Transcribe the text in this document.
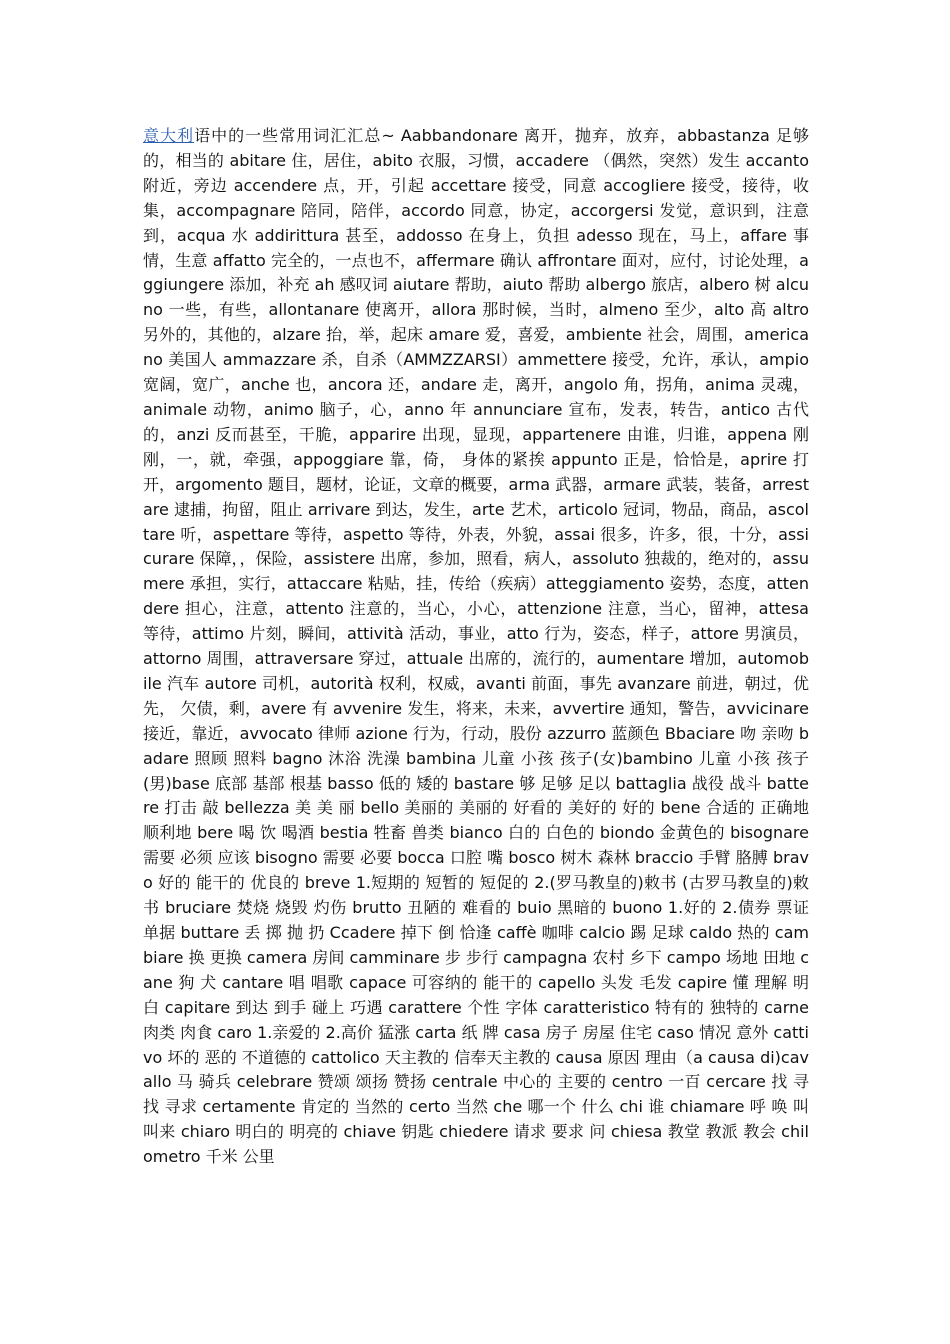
意大利语中的一些常用词汇汇总~ Aabbandonare 离开，抛弃，放弃，abbastanza 足够的，相当的 abitare 住，居住，abito 衣服，习惯，accadere （偶然，突然）发生 accanto 附近，旁边 accendere 点，开，引起 accettare 接受，同意 accogliere 接受，接待，收集，accompagnare 陪同，陪伴，accordo 同意，协定，accorgersi 发觉，意识到，注意到，acqua 水 addirittura 甚至，addosso 在身上，负担 adesso 现在，马上，affare 事情，生意 affatto 完全的，一点也不，affermare 确认 affrontare 面对，应付，讨论处理，aggiungere 添加，补充 ah 感叹词 aiutare 帮助，aiuto 帮助 albergo 旅店，albero 树 alcuno 一些，有些，allontanare 使离开，allora 那时候，当时，almeno 至少，alto 高 altro 另外的，其他的，alzare 抬，举，起床 amare 爱，喜爱，ambiente 社会，周围，americano 美国人 ammazzare 杀，自杀（AMMZZARSI）ammettere 接受，允许，承认，ampio 宽阔，宽广，anche 也，ancora 还，andare 走，离开，angolo 角，拐角，anima 灵魂，animale 动物，animo 脑子，心，anno 年 annunciare 宣布，发表，转告，antico 古代的，anzi 反而甚至，干脆，apparire 出现，显现，appartenere 由谁，归谁，appena 刚刚，一，就，牵强，appoggiare 靠，倚， 身体的紧挨 appunto 正是，恰恰是，aprire 打开，argomento 题目，题材，论证，文章的概要，arma 武器，armare 武装，装备，arrestare 逮捕，拘留，阻止 arrivare 到达，发生，arte 艺术，articolo 冠词，物品，商品，ascoltare 听，aspettare 等待，aspetto 等待，外表，外貌，assai 很多，许多，很，十分，assicurare 保障，，保险，assistere 出席，参加，照看，病人，assoluto 独裁的，绝对的，assumere 承担，实行，attaccare 粘贴，挂，传给（疾病）atteggiamento 姿势，态度，attendere 担心，注意，attento 注意的，当心，小心，attenzione 注意，当心，留神，attesa 等待，attimo 片刻，瞬间，attività 活动，事业，atto 行为，姿态，样子，attore 男演员，attorno 周围，attraversare 穿过，attuale 出席的，流行的，aumentare 增加，automobile 汽车 autore 司机，autorità 权利，权威，avanti 前面，事先 avanzare 前进，朝过，优先， 欠债，剩，avere 有 avvenire 发生，将来，未来，avvertire 通知，警告，avvicinare 接近，靠近，avvocato 律师 azione 行为，行动，股份 azzurro 蓝颜色 Bbaciare 吻 亲吻 badare 照顾 照料 bagno 沐浴 洗澡 bambina 儿童 小孩 孩子(女)bambino 儿童 小孩 孩子(男)base 底部 基部 根基 basso 低的 矮的 bastare 够 足够 足以 battaglia 战役 战斗 battere 打击 敲 bellezza 美 美 丽 bello 美丽的 美丽的 好看的 美好的 好的 bene 合适的 正确地 顺利地 bere 喝 饮 喝酒 bestia 牲畜 兽类 bianco 白的 白色的 biondo 金黄色的 bisognare 需要 必须 应该 bisogno 需要 必要 bocca 口腔 嘴 bosco 树木 森林 braccio 手臂 胳膊 bravo 好的 能干的 优良的 breve 1.短期的 短暂的 短促的 2.(罗马教皇的)敕书 (古罗马教皇的)敕书 bruciare 焚烧 烧毁 灼伤 brutto 丑陋的 难看的 buio 黑暗的 buono 1.好的 2.债券 票证 单据 buttare 丢 掷 抛 扔 Ccadere 掉下 倒 恰逢 caffè 咖啡 calcio 踢 足球 caldo 热的 cambiare 换 更换 camera 房间 camminare 步 步行 campagna 农村 乡下 campo 场地 田地 cane 狗 犬 cantare 唱 唱歌 capace 可容纳的 能干的 capello 头发 毛发 capire 懂 理解 明白 capitare 到达 到手 碰上 巧遇 carattere 个性 字体 caratteristico 特有的 独特的 carne 肉类 肉食 caro 1.亲爱的 2.高价 猛涨 carta 纸 牌 casa 房子 房屋 住宅 caso 情况 意外 cattivo 坏的 恶的 不道德的 cattolico 天主教的 信奉天主教的 causa 原因 理由（a causa di)cavallo 马 骑兵 celebrare 赞颂 颂扬 赞扬 centrale 中心的 主要的 centro 一百 cercare 找 寻找 寻求 certamente 肯定的 当然的 certo 当然 che 哪一个 什么 chi 谁 chiamare 呼 唤 叫 叫来 chiaro 明白的 明亮的 chiave 钥匙 chiedere 请求 要求 问 chiesa 教堂 教派 教会 chilometro 千米 公里
